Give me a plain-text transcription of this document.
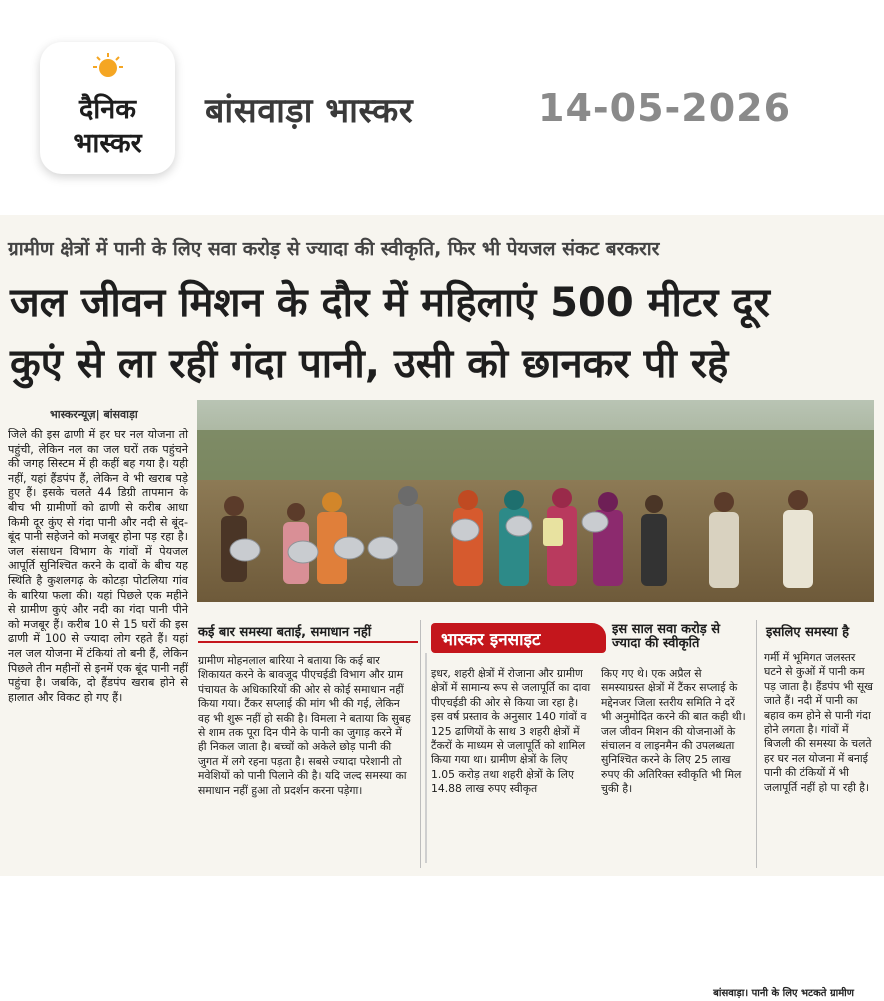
दैनिक
भास्कर
बांसवाड़ा भास्कर	14-05-2026
ग्रामीण क्षेत्रों में पानी के लिए सवा करोड़ से ज्यादा की स्वीकृति, फिर भी पेयजल संकट बरकरार
जल जीवन मिशन के दौर में महिलाएं 500 मीटर दूर
कुएं से ला रहीं गंदा पानी, उसी को छानकर पी रहे
भास्करन्यूज़| बांसवाड़ा
जिले की इस ढाणी में हर घर नल योजना तो पहुंची, लेकिन नल का जल घरों तक पहुंचने की जगह सिस्टम में ही कहीं बह गया है। यही नहीं, यहां हैंडपंप हैं, लेकिन वे भी खराब पड़े हुए हैं। इसके चलते 44 डिग्री तापमान के बीच भी ग्रामीणों को ढाणी से करीब आधा किमी दूर कुंए से गंदा पानी और नदी से बूंद-बूंद पानी सहेजने को मजबूर होना पड़ रहा है। जल संसाधन विभाग के गांवों में पेयजल आपूर्ति सुनिश्चित करने के दावों के बीच यह स्थिति है कुशलगढ़ के कोटड़ा पोटलिया गांव के बारिया फला की। यहां पिछले एक महीने से ग्रामीण कुएं और नदी का गंदा पानी पीने को मजबूर हैं। करीब 10 से 15 घरों की इस ढाणी में 100 से ज्यादा लोग रहते हैं। यहां नल जल योजना में टंकियां तो बनी हैं, लेकिन पिछले तीन महीनों से इनमें एक बूंद पानी नहीं पहुंचा है। जबकि, दो हैंडपंप खराब होने से हालात और विकट हो गए हैं।
बांसवाड़ा। पानी के लिए भटकते ग्रामीण
कई बार समस्या बताई, समाधान नहीं
ग्रामीण मोहनलाल बारिया ने बताया कि कई बार शिकायत करने के बावजूद पीएचईडी विभाग और ग्राम पंचायत के अधिकारियों की ओर से कोई समाधान नहीं किया गया। टैंकर सप्लाई की मांग भी की गई, लेकिन वह भी शुरू नहीं हो सकी है। विमला ने बताया कि सुबह से शाम तक पूरा दिन पीने के पानी का जुगाड़ करने में ही निकल जाता है। बच्चों को अकेले छोड़ पानी की जुगत में लगे रहना पड़ता है। सबसे ज्यादा परेशानी तो मवेशियों को पानी पिलाने की है। यदि जल्द समस्या का समाधान नहीं हुआ तो प्रदर्शन करना पड़ेगा।
भास्कर इनसाइट
इधर, शहरी क्षेत्रों में रोजाना और ग्रामीण क्षेत्रों में सामान्य रूप से जलापूर्ति का दावा पीएचईडी की ओर से किया जा रहा है। इस वर्ष प्रस्ताव के अनुसार 140 गांवों व 125 ढाणियों के साथ 3 शहरी क्षेत्रों में टैंकरों के माध्यम से जलापूर्ति को शामिल किया गया था। ग्रामीण क्षेत्रों के लिए 1.05 करोड़ तथा शहरी क्षेत्रों के लिए 14.88 लाख रुपए स्वीकृत
इस साल सवा करोड़ से ज्यादा की स्वीकृति
किए गए थे। एक अप्रैल से समस्याग्रस्त क्षेत्रों में टैंकर सप्लाई के मद्देनजर जिला स्तरीय समिति ने दरें भी अनुमोदित करने की बात कही थी। जल जीवन मिशन की योजनाओं के संचालन व लाइनमैन की उपलब्धता सुनिश्चित करने के लिए 25 लाख रुपए की अतिरिक्त स्वीकृति भी मिल चुकी है।
इसलिए समस्या है
गर्मी में भूमिगत जलस्तर घटने से कुओं में पानी कम पड़ जाता है। हैंडपंप भी सूख जाते हैं। नदी में पानी का बहाव कम होने से पानी गंदा होने लगता है। गांवों में बिजली की समस्या के चलते हर घर नल योजना में बनाई पानी की टंकियों में भी जलापूर्ति नहीं हो पा रही है।
